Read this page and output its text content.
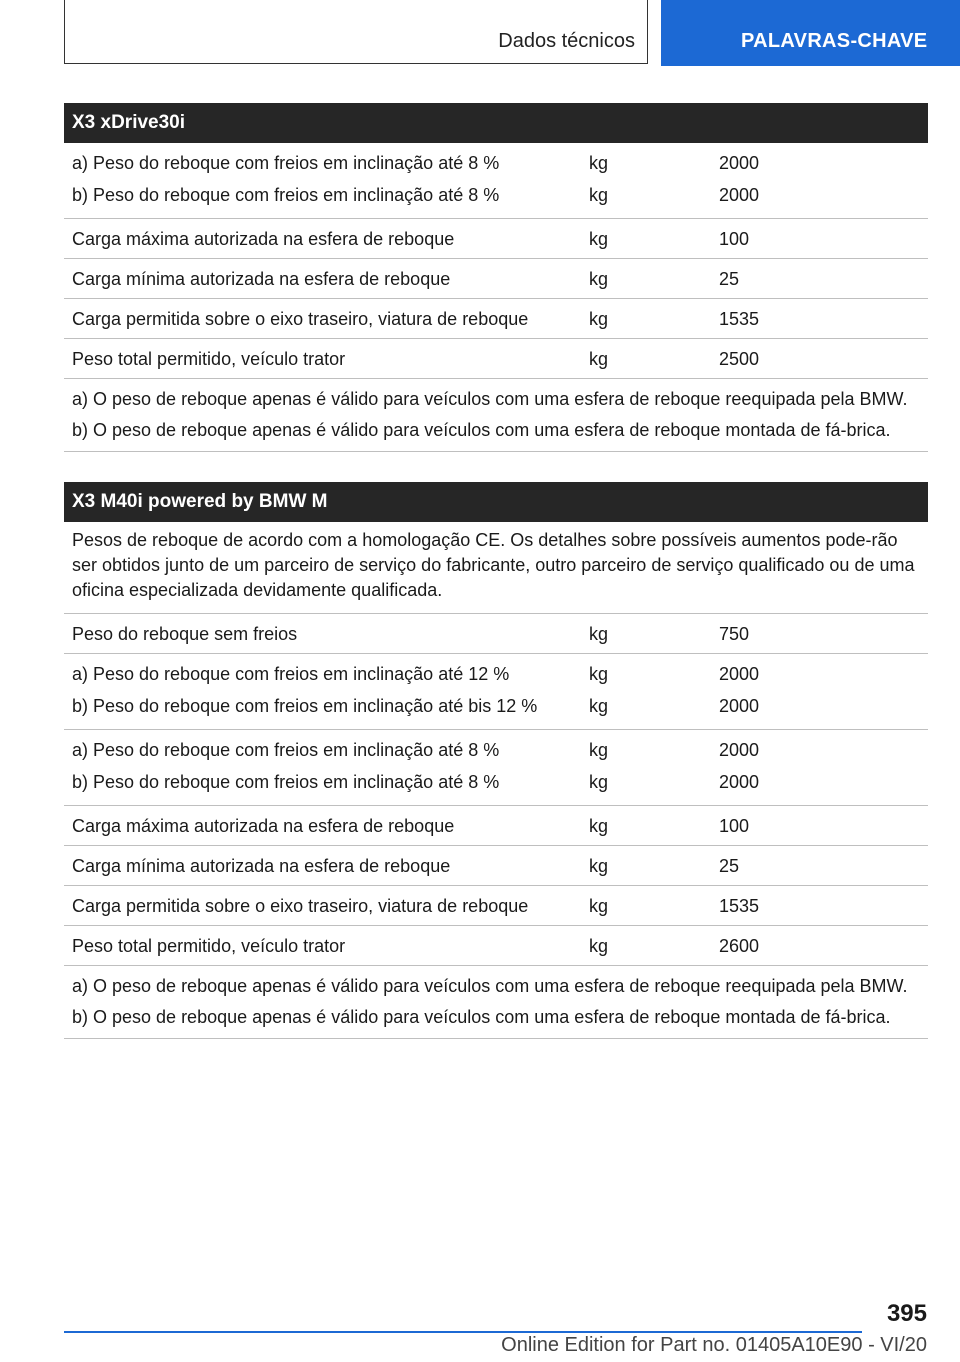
Dados técnicos	PALAVRAS-CHAVE
X3 xDrive30i
a) Peso do reboque com freios em inclinação até 8 %	kg	2000
b) Peso do reboque com freios em inclinação até 8 %	kg	2000
Carga máxima autorizada na esfera de reboque	kg	100
Carga mínima autorizada na esfera de reboque	kg	25
Carga permitida sobre o eixo traseiro, viatura de reboque	kg	1535
Peso total permitido, veículo trator	kg	2500

a) O peso de reboque apenas é válido para veículos com uma esfera de reboque reequipada pela BMW.

b) O peso de reboque apenas é válido para veículos com uma esfera de reboque montada de fá-brica.

X3 M40i powered by BMW M
Pesos de reboque de acordo com a homologação CE. Os detalhes sobre possíveis aumentos pode-rão ser obtidos junto de um parceiro de serviço do fabricante, outro parceiro de serviço qualificado ou de uma oficina especializada devidamente qualificada.
Peso do reboque sem freios	kg	750
a) Peso do reboque com freios em inclinação até 12 %	kg	2000
b) Peso do reboque com freios em inclinação até bis 12 %	kg	2000
a) Peso do reboque com freios em inclinação até 8 %	kg	2000
b) Peso do reboque com freios em inclinação até 8 %	kg	2000
Carga máxima autorizada na esfera de reboque	kg	100
Carga mínima autorizada na esfera de reboque	kg	25
Carga permitida sobre o eixo traseiro, viatura de reboque	kg	1535
Peso total permitido, veículo trator	kg	2600

a) O peso de reboque apenas é válido para veículos com uma esfera de reboque reequipada pela BMW.

b) O peso de reboque apenas é válido para veículos com uma esfera de reboque montada de fá-brica.

395
Online Edition for Part no. 01405A10E90 - VI/20
